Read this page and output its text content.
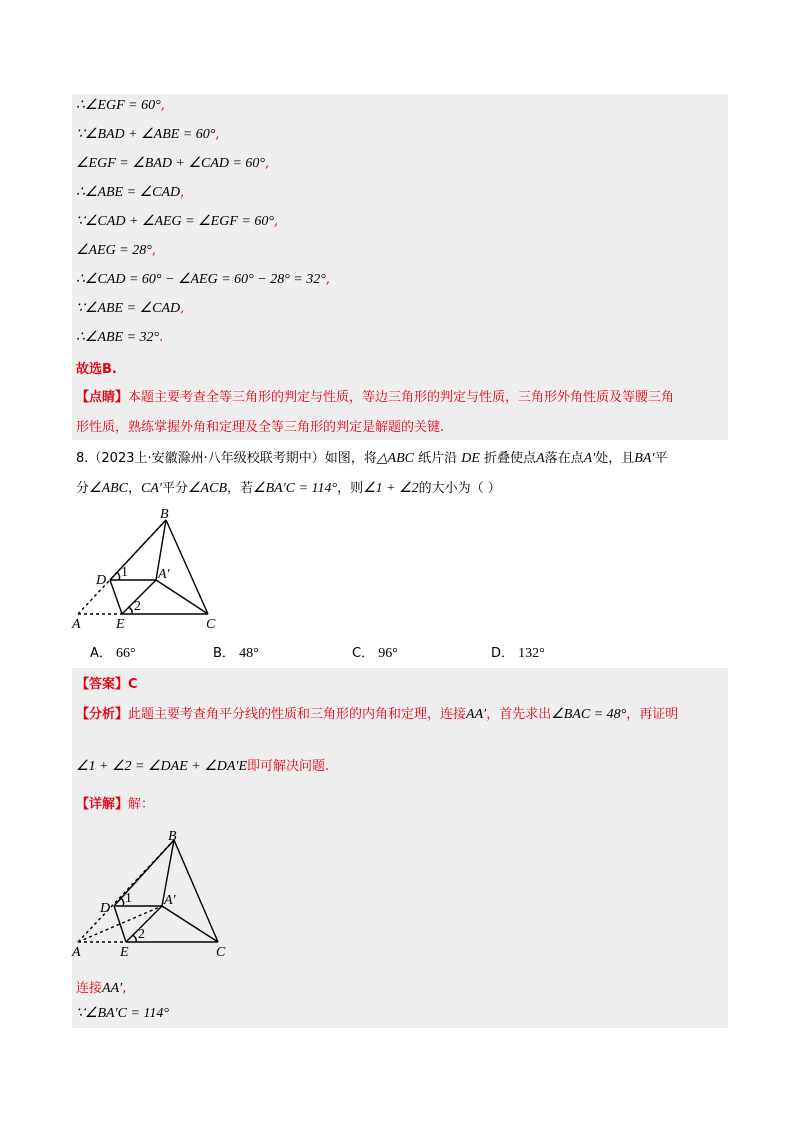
∴∠EGF = 60°,
∵∠BAD + ∠ABE = 60°,
∠EGF = ∠BAD + ∠CAD = 60°,
∴∠ABE = ∠CAD,
∵∠CAD + ∠AEG = ∠EGF = 60°,
∠AEG = 28°,
∴∠CAD = 60° − ∠AEG = 60° − 28° = 32°,
∵∠ABE = ∠CAD,
∴∠ABE = 32°.
故选B.
【点睛】本题主要考查全等三角形的判定与性质，等边三角形的判定与性质，三角形外角性质及等腰三角
形性质，熟练掌握外角和定理及全等三角形的判定是解题的关键.
8.（2023上·安徽滁州·八年级校联考期中）如图，将△ABC 纸片沿 DE 折叠使点A落在点A′处，且BA′平
分∠ABC，CA′平分∠ACB，若∠BA′C = 114°，则∠1 + ∠2的大小为（ ）
B
D	A′
A	E	C
1
2
A． 66°	B． 48°	C． 96°	D． 132°
【答案】C
【分析】此题主要考查角平分线的性质和三角形的内角和定理，连接AA′，首先求出∠BAC = 48°，再证明
∠1 + ∠2 = ∠DAE + ∠DA′E即可解决问题.
【详解】解：
B
D
A′
A	E	C
1
2
连接AA′,
∵∠BA′C = 114°
